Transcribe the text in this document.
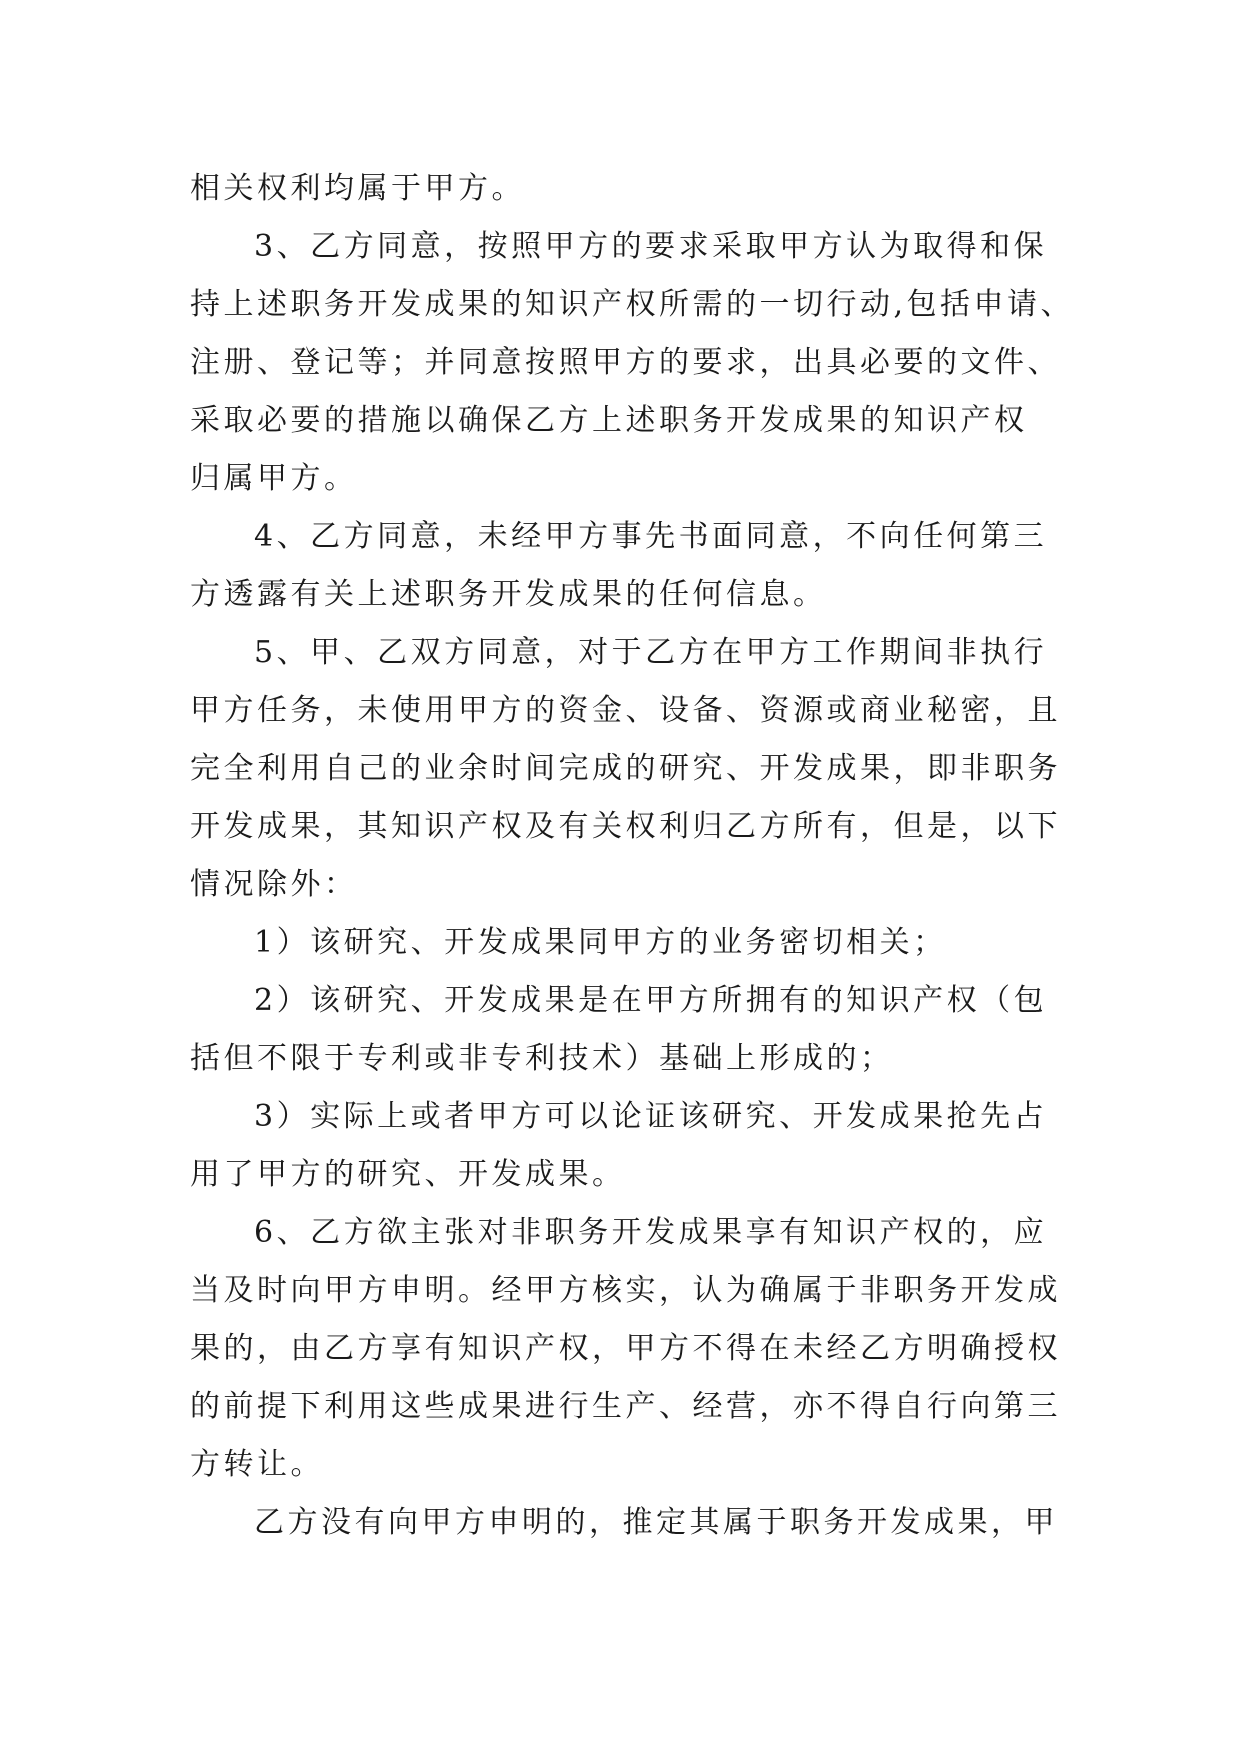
相关权利均属于甲方。
3、乙方同意，按照甲方的要求采取甲方认为取得和保
持上述职务开发成果的知识产权所需的一切行动,包括申请、
注册、登记等；并同意按照甲方的要求，出具必要的文件、
采取必要的措施以确保乙方上述职务开发成果的知识产权
归属甲方。
4、乙方同意，未经甲方事先书面同意，不向任何第三
方透露有关上述职务开发成果的任何信息。
5、甲、乙双方同意，对于乙方在甲方工作期间非执行
甲方任务，未使用甲方的资金、设备、资源或商业秘密，且
完全利用自己的业余时间完成的研究、开发成果，即非职务
开发成果，其知识产权及有关权利归乙方所有，但是，以下
情况除外：
1）该研究、开发成果同甲方的业务密切相关；
2）该研究、开发成果是在甲方所拥有的知识产权（包
括但不限于专利或非专利技术）基础上形成的；
3）实际上或者甲方可以论证该研究、开发成果抢先占
用了甲方的研究、开发成果。
6、乙方欲主张对非职务开发成果享有知识产权的，应
当及时向甲方申明。经甲方核实，认为确属于非职务开发成
果的，由乙方享有知识产权，甲方不得在未经乙方明确授权
的前提下利用这些成果进行生产、经营，亦不得自行向第三
方转让。
乙方没有向甲方申明的，推定其属于职务开发成果，甲
